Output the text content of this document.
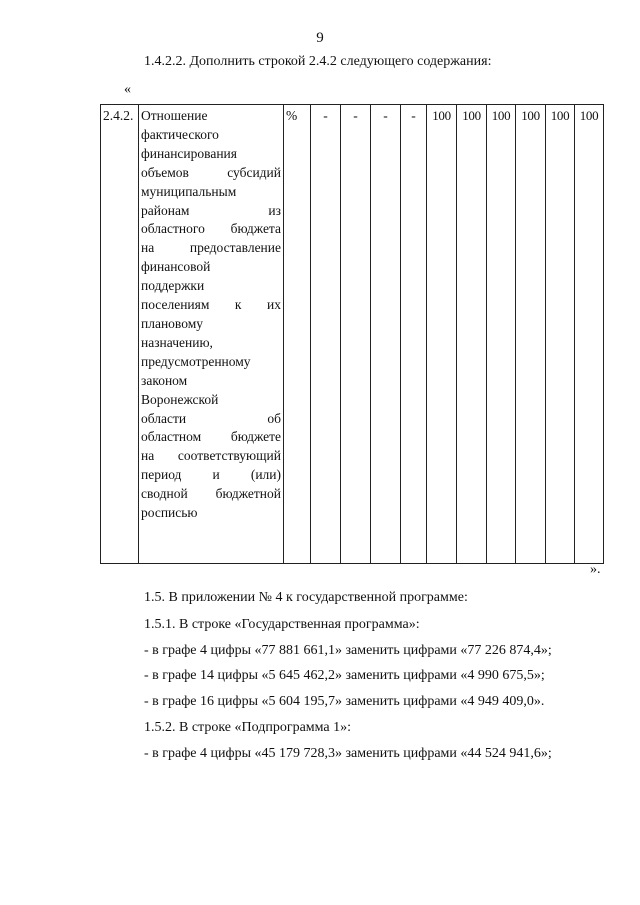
9
1.4.2.2. Дополнить строкой 2.4.2 следующего содержания:
«
2.4.2.	Отношение
фактического
финансирования
объемов субсидий
муниципальным
районам из
областного бюджета
на предоставление
финансовой
поддержки
поселениям к их
плановому
назначению,
предусмотренному
законом
Воронежской
области об
областном бюджете
на соответствующий
период и (или)
сводной бюджетной
росписью
	%	-	-	-	-	100	100	100	100	100	100
».
1.5. В приложении № 4 к государственной программе:
1.5.1. В строке «Государственная программа»:
- в графе 4 цифры «77 881 661,1» заменить цифрами «77 226 874,4»;
- в графе 14 цифры «5 645 462,2» заменить цифрами «4 990 675,5»;
- в графе 16 цифры «5 604 195,7» заменить цифрами «4 949 409,0».
1.5.2. В строке «Подпрограмма 1»:
- в графе 4 цифры «45 179 728,3» заменить цифрами «44 524 941,6»;
